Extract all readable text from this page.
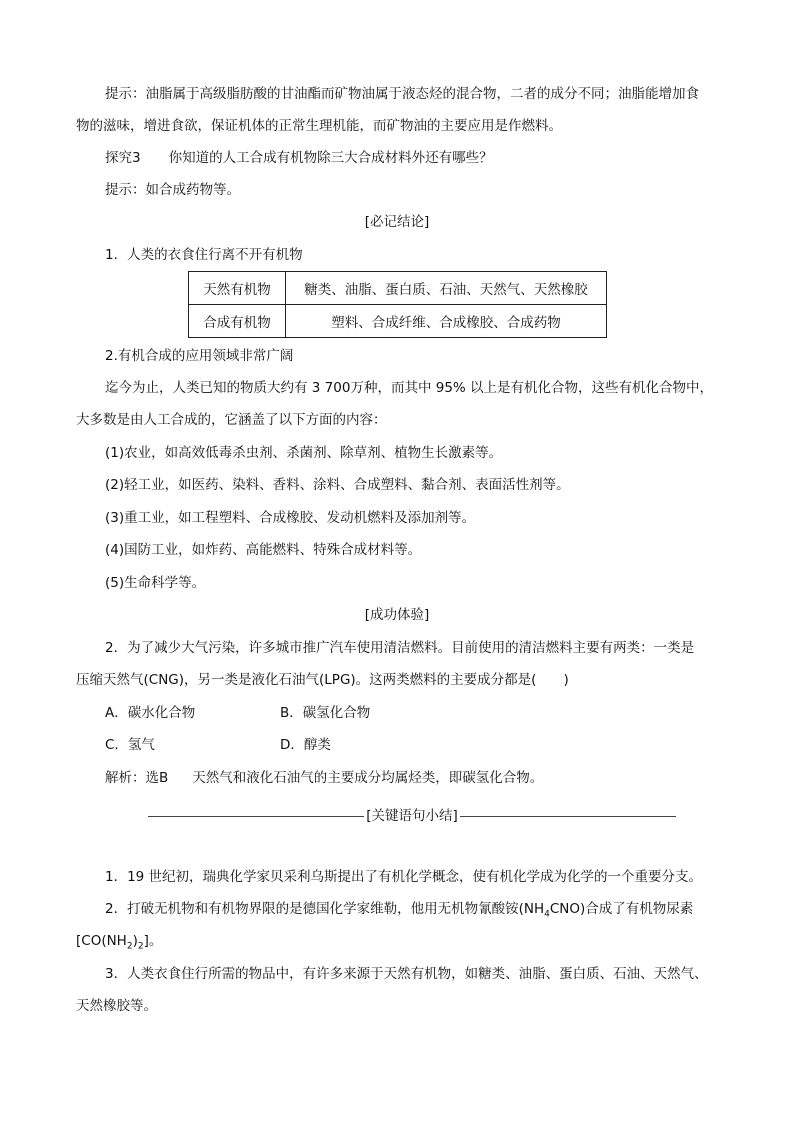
提示：油脂属于高级脂肪酸的甘油酯而矿物油属于液态烃的混合物，二者的成分不同；油脂能增加食
物的滋味，增进食欲，保证机体的正常生理机能，而矿物油的主要应用是作燃料。
探究3 你知道的人工合成有机物除三大合成材料外还有哪些？
提示：如合成药物等。
[必记结论]
1．人类的衣食住行离不开有机物
天然有机物	糖类、油脂、蛋白质、石油、天然气、天然橡胶
合成有机物	塑料、合成纤维、合成橡胶、合成药物
2.有机合成的应用领域非常广阔
迄今为止，人类已知的物质大约有 3 700万种，而其中 95% 以上是有机化合物，这些有机化合物中，
大多数是由人工合成的，它涵盖了以下方面的内容：
(1)农业，如高效低毒杀虫剂、杀菌剂、除草剂、植物生长激素等。
(2)轻工业，如医药、染料、香料、涂料、合成塑料、黏合剂、表面活性剂等。
(3)重工业，如工程塑料、合成橡胶、发动机燃料及添加剂等。
(4)国防工业，如炸药、高能燃料、特殊合成材料等。
(5)生命科学等。
[成功体验]
2．为了减少大气污染，许多城市推广汽车使用清洁燃料。目前使用的清洁燃料主要有两类：一类是
压缩天然气(CNG)，另一类是液化石油气(LPG)。这两类燃料的主要成分都是(　　)
A．碳水化合物	B．碳氢化合物
C．氢气	D．醇类
解析：选B 天然气和液化石油气的主要成分均属烃类，即碳氢化合物。
[关键语句小结]
1．19 世纪初，瑞典化学家贝采利乌斯提出了有机化学概念，使有机化学成为化学的一个重要分支。
2．打破无机物和有机物界限的是德国化学家维勒，他用无机物氰酸铵$(NH_4CNO)$合成了有机物尿素
$[CO(NH_2)_2]$。
3．人类衣食住行所需的物品中，有许多来源于天然有机物，如糖类、油脂、蛋白质、石油、天然气、
天然橡胶等。
